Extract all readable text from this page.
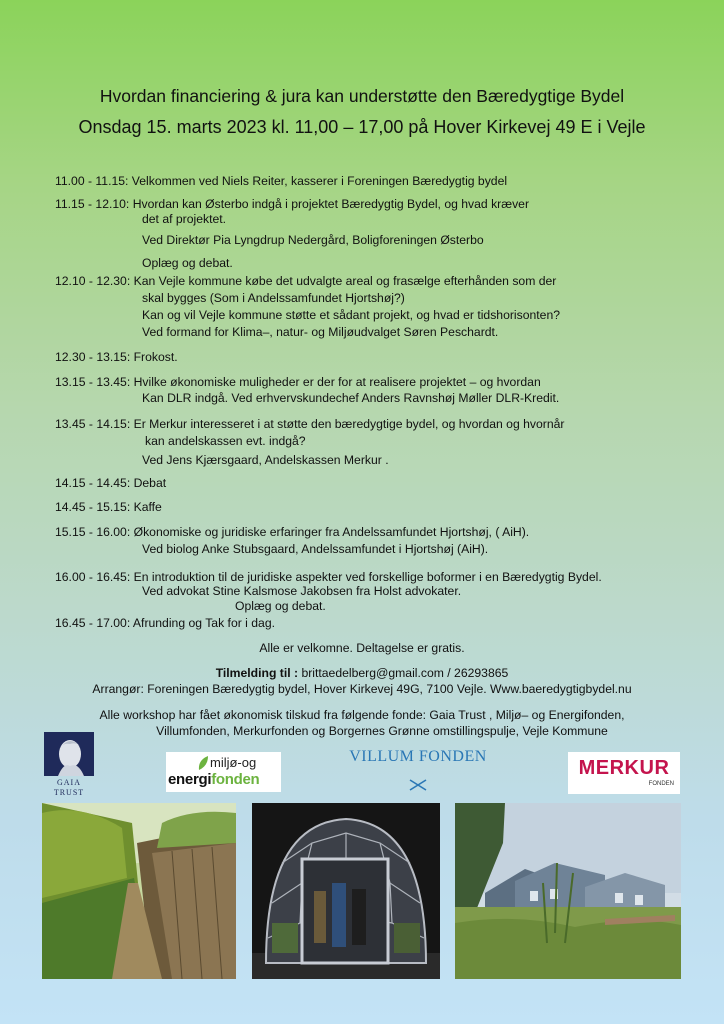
Hvordan financiering & jura kan understøtte den Bæredygtige Bydel
Onsdag 15. marts 2023 kl. 11,00 – 17,00 på Hover Kirkevej 49 E i Vejle
11.00 - 11.15: Velkommen ved Niels Reiter, kasserer i Foreningen Bæredygtig bydel
11.15 - 12.10: Hvordan kan Østerbo indgå i projektet Bæredygtig Bydel, og hvad kræver
det af projektet.
Ved Direktør Pia Lyngdrup Nedergård, Boligforeningen Østerbo
Oplæg og debat.
12.10 - 12.30: Kan Vejle kommune købe det udvalgte areal og frasælge efterhånden som der
skal bygges (Som i Andelssamfundet Hjortshøj?)
Kan og vil Vejle kommune støtte et sådant projekt, og hvad er tidshorisonten?
Ved formand for Klima–, natur- og Miljøudvalget Søren Peschardt.
12.30 - 13.15: Frokost.
13.15 - 13.45: Hvilke økonomiske muligheder er der for at realisere projektet – og hvordan
Kan DLR indgå. Ved erhvervskundechef Anders Ravnshøj Møller DLR-Kredit.
13.45 - 14.15: Er Merkur interesseret i at støtte den bæredygtige bydel, og hvordan og hvornår
kan andelskassen evt. indgå?
Ved Jens Kjærsgaard, Andelskassen Merkur .
14.15 - 14.45: Debat
14.45 - 15.15: Kaffe
15.15 - 16.00: Økonomiske og juridiske erfaringer fra Andelssamfundet Hjortshøj, ( AiH).
Ved biolog Anke Stubsgaard, Andelssamfundet i Hjortshøj (AiH).
16.00 - 16.45: En introduktion til de juridiske aspekter ved forskellige boformer i en Bæredygtig Bydel.
Ved advokat Stine Kalsmose Jakobsen fra Holst advokater.
Oplæg og debat.
16.45 - 17.00: Afrunding og Tak for i dag.
Alle er velkomne. Deltagelse er gratis.
Tilmelding til : brittaedelberg@gmail.com / 26293865
Arrangør: Foreningen Bæredygtig bydel, Hover Kirkevej 49G, 7100 Vejle. Www.baeredygtigbydel.nu
Alle workshop har fået økonomisk tilskud fra følgende fonde: Gaia Trust , Miljø– og Energifonden,
Villumfonden, Merkurfonden og Borgernes Grønne omstillingspulje, Vejle Kommune
GAIA TRUST
miljø-og
energifonden
VILLUM FONDEN
MERKUR
FONDEN
